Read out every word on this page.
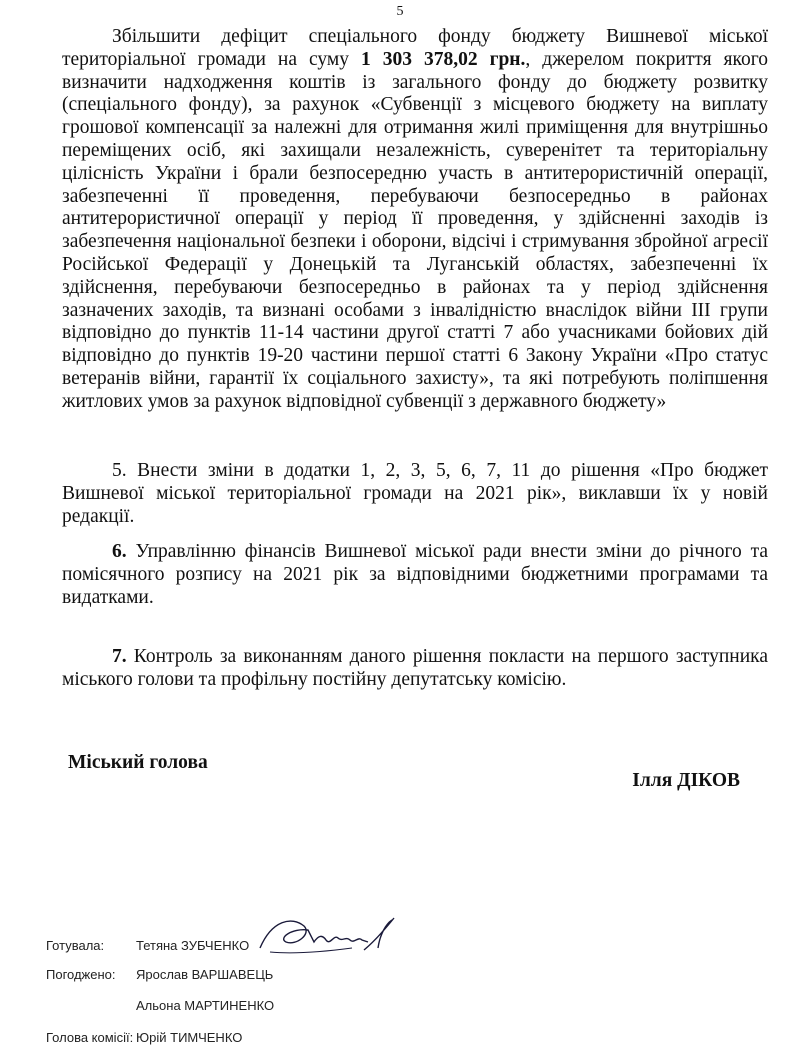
5
Збільшити дефіцит спеціального фонду бюджету Вишневої міської територіальної громади на суму 1 303 378,02 грн., джерелом покриття якого визначити надходження коштів із загального фонду до бюджету розвитку (спеціального фонду), за рахунок «Субвенції з місцевого бюджету на виплату грошової компенсації за належні для отримання жилі приміщення для внутрішньо переміщених осіб, які захищали незалежність, суверенітет та територіальну цілісність України і брали безпосередню участь в антитерористичній операції, забезпеченні її проведення, перебуваючи безпосередньо в районах антитерористичної операції у період її проведення, у здійсненні заходів із забезпечення національної безпеки і оборони, відсічі і стримування збройної агресії Російської Федерації у Донецькій та Луганській областях, забезпеченні їх здійснення, перебуваючи безпосередньо в районах та у період здійснення зазначених заходів, та визнані особами з інвалідністю внаслідок війни III групи відповідно до пунктів 11-14 частини другої статті 7 або учасниками бойових дій відповідно до пунктів 19-20 частини першої статті 6 Закону України «Про статус ветеранів війни, гарантії їх соціального захисту», та які потребують поліпшення житлових умов за рахунок відповідної субвенції з державного бюджету»
5. Внести зміни в додатки 1, 2, 3, 5, 6, 7, 11 до рішення «Про бюджет Вишневої міської територіальної громади на 2021 рік», виклавши їх у новій редакції.
6. Управлінню фінансів Вишневої міської ради внести зміни до річного та помісячного розпису на 2021 рік за відповідними бюджетними програмами та видатками.
7. Контроль за виконанням даного рішення покласти на першого заступника міського голови та профільну постійну депутатську комісію.
Міський голова
Ілля ДІКОВ
Готувала: Тетяна ЗУБЧЕНКО
Погоджено: Ярослав ВАРШАВЕЦЬ
Альона МАРТИНЕНКО
Голова комісії: Юрій ТИМЧЕНКО
